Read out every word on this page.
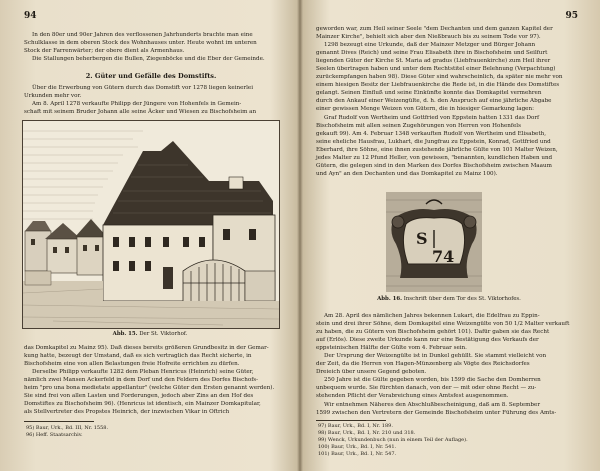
94

In den 80er und 90er Jahren des verflossenen Jahrhunderts brachte man eine

Schulklasse in dem oberen Stock des Wohnhauses unter. Heute wohnt im unteren

Stock der Farrenwärter; der obere dient als Armenhaus.

Die Stallungen beherbergen die Bullen, Ziegenböcke und die Eber der Gemeinde.

2. Güter und Gefälle des Domstifts.

Über die Erwerbung von Gütern durch das Domstift vor 1278 liegen keinerlei

Urkunden mehr vor.

Am 8. April 1278 verkaufte Philipp der Jüngere von Hohenfels in Gemein-

schaft mit seinem Bruder Johann alle seine Äcker und Wiesen zu Bischofsheim an

Abb. 15. Der St. Viktorhof.

das Domkapitel zu Mainz 95). Daß dieses bereits größeren Grundbesitz in der Gemar-

kung hatte, bezeugt der Umstand, daß es sich vertraglich das Recht sicherte, in

Bischofsheim eine von allen Belastungen freie Hofreite errichten zu dürfen.

Derselbe Philipp verkaufte 1282 dem Pleban Henricus (Heinrich) seine Güter,

nämlich zwei Mansen Ackerfeld in dem Dorf und den Feldern des Dorfes Bischofs-

heim "pro una bona medietate appellantur" (welche Güter den Ersten genannt werden).

Sie sind frei von allen Lasten und Forderungen, jedoch aber Zins an den Hof des

Domstiftes zu Bischofsheim 96). (Henricus ist identisch, ein Mainzer Domkapitular,

als Stellvertreter des Propstes Heinrich, der inzwischen Vikar in Oftrich

95) Baur, Urk., Bd. III, Nr. 1558.
96) Heff. Staatsarchiv.
95

geworden war, zum Heil seiner Seele "dem Dechanten und dem ganzen Kapitel der

Mainzer Kirche", behielt sich aber den Nießbrauch bis zu seinem Tode vor 97).

1298 bezeugt eine Urkunde, daß der Mainzer Metzger und Bürger Johann

genannt Dives (Reich) und seine Frau Elisabeth ihre in Bischofsheim und Seilfurt

liegenden Güter der Kirche St. Maria ad gradus (Liebfrauenkirche) zum Heil ihrer

Seelen übertragen haben und unter dem Rechtstitel einer Belehnung (Verpachtung)

zurückempfangen haben 98). Diese Güter sind wahrscheinlich, da später nie mehr von

einem hiesigen Besitz der Liebfrauenkirche die Rede ist, in die Hände des Domstiftes

gelangt. Seinen Einfluß und seine Einkünfte konnte das Domkapitel vermehren

durch den Ankauf einer Weizengülte, d. h. den Anspruch auf eine jährliche Abgabe

einer gewissen Menge Weizen von Gütern, die in hiesiger Gemarkung lagen:

Graf Rudolf von Wertheim und Gottfried von Eppstein hatten 1331 das Dorf

Bischofsheim mit allen seinen Zugehörungen von Herren von Hohenfels

gekauft 99). Am 4. Februar 1348 verkauften Rudolf von Wertheim und Elisabeth,

seine eheliche Hausfrau, Lukhart, die Jungfrau zu Eppstein, Konrad, Gottfried und

Eberhard, ihre Söhne, eine ihnen zustehende jährliche Gülte von 101 Malter Weizen,

jedes Malter zu 12 Pfund Heller, von gewissen, "benannten, kundlichen Haben und

Gütern, die gelegen sind in den Marken des Dorfes Bischofsheim zwischen Maaum

und Ayn" an den Dechanten und das Domkapitel zu Mainz 100).

S
74
Abb. 16. Inschrift über dem Tor des St. Viktorhofes.

Am 28. April des nämlichen Jahres bekennen Lukart, die Edelfrau zu Eppin-

stein und drei ihrer Söhne, dem Domkapitel eine Weizengülte von 50 1/2 Malter verkauft

zu haben, die zu Gütern von Bischofsheim gehört 101). Dafür gaben sie das Recht

auf (Erlös). Diese zweite Urkunde kann nur eine Bestätigung des Verkaufs der

eppsteinischen Hälfte der Gülte vom 4. Februar sein.

Der Ursprung der Weizengülte ist in Dunkel gehüllt. Sie stammt vielleicht von

der Zeit, da die Herren von Hagen-Münzenberg als Vögte des Reichsdorfes

Dreieich über unsere Gegend geboten.

250 Jahre ist die Gülte gegeben worden, bis 1599 die Sache den Domherren

unbequem wurde. Sie fürchten danach, von der — mit oder ohne Recht — zu-

stehenden Pflicht der Verabreichung eines Amtsfest ausgenommen.

Wir entnehmen Näheres den Abschlußbescheinigung, daß am 8. September

1599 zwischen den Vertretern der Gemeinde Bischofsheim unter Führung des Amts-

97) Baur, Urk., Bd. I, Nr. 189.
98) Baur, Urk., Bd. I, Nr. 210 und 318.
99) Wenck, Urkundenbuch (nun in einem Teil der Auflage).
100) Baur, Urk., Bd. I, Nr. 541.
101) Baur, Urk., Bd. I, Nr. 547.
